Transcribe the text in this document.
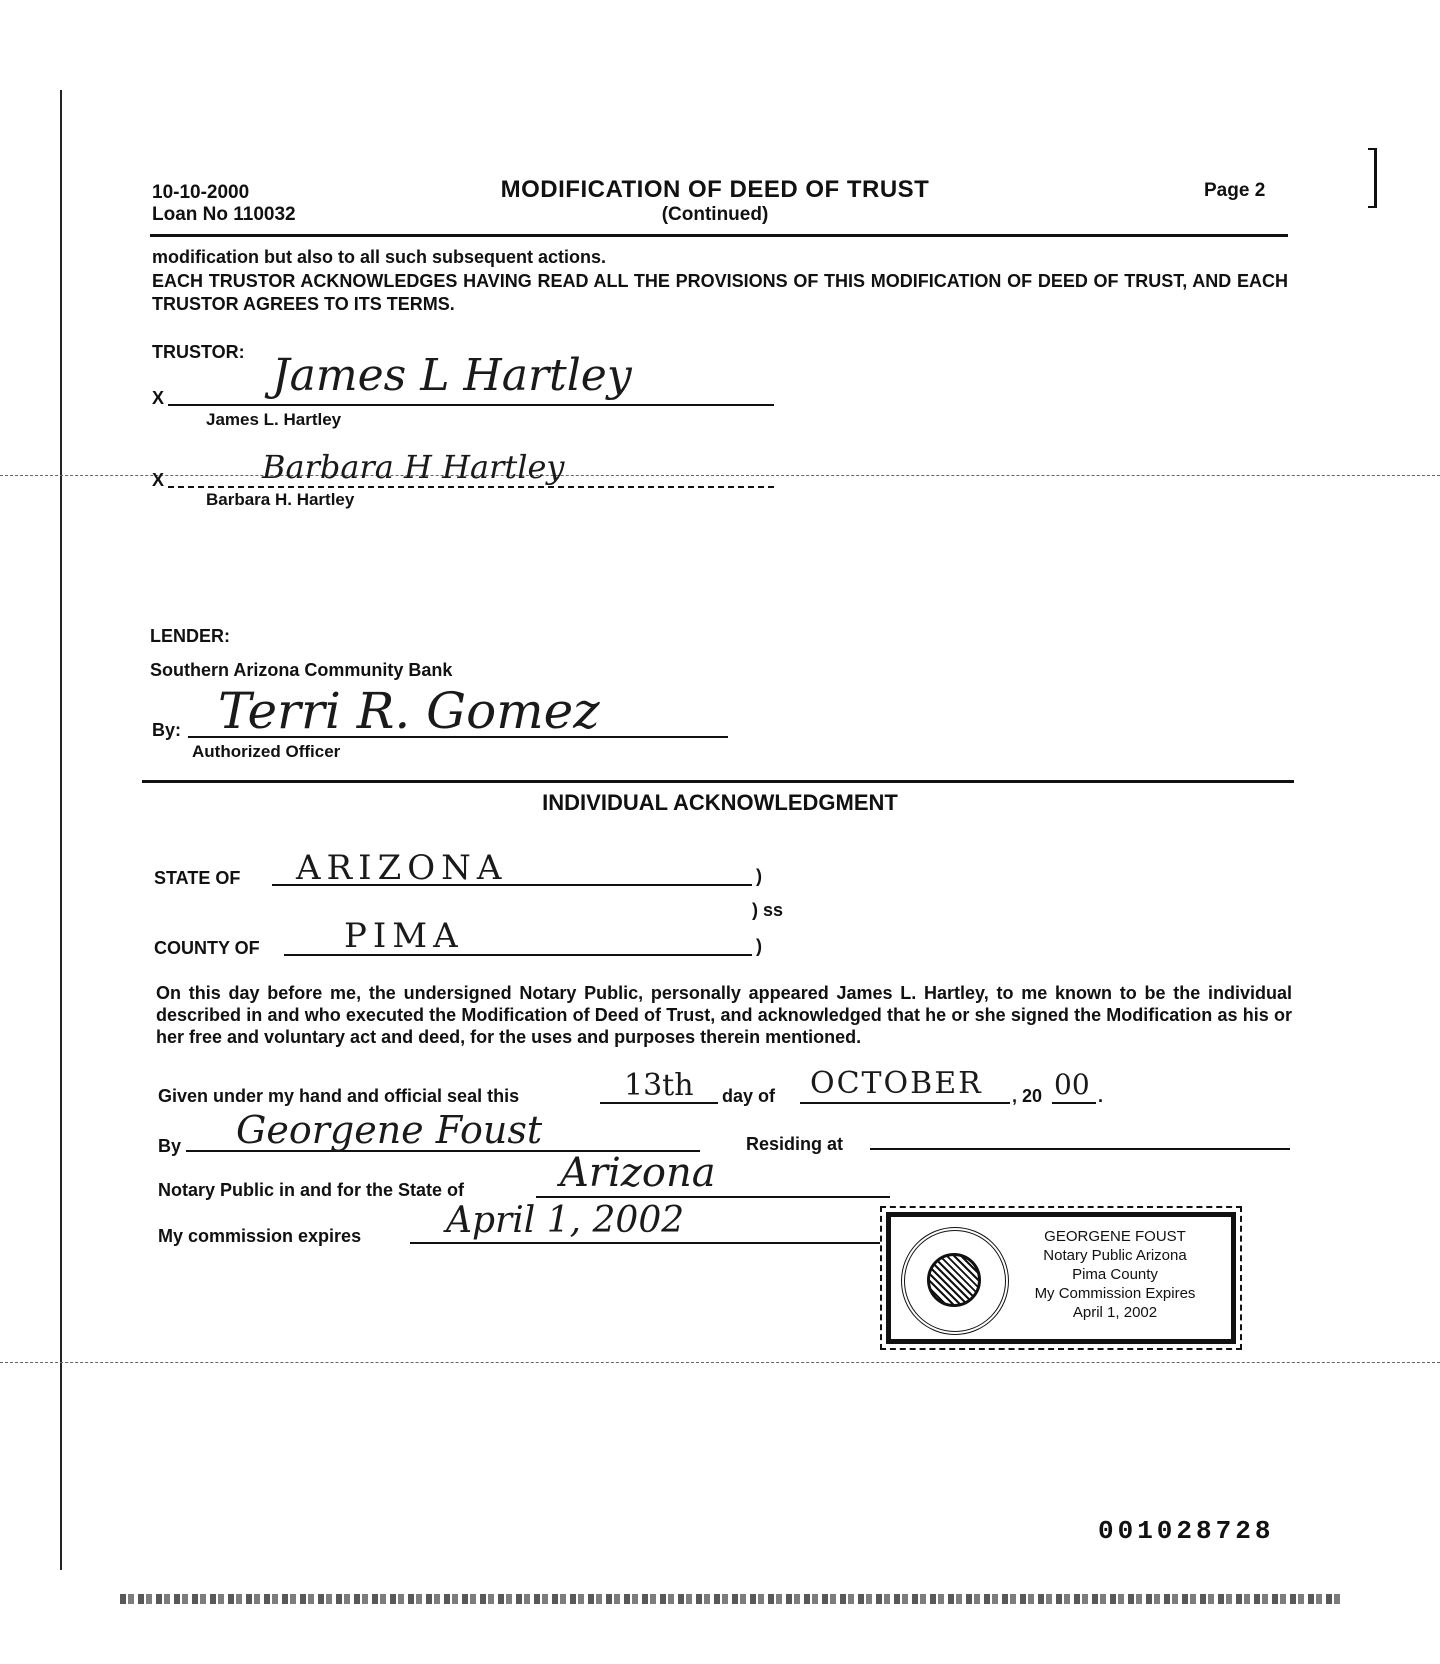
10-10-2000
Loan No 110032
MODIFICATION OF DEED OF TRUST
(Continued)
Page 2
modification but also to all such subsequent actions.
EACH TRUSTOR ACKNOWLEDGES HAVING READ ALL THE PROVISIONS OF THIS MODIFICATION OF DEED OF TRUST, AND EACH TRUSTOR AGREES TO ITS TERMS.
TRUSTOR:
X James L Hartley
James L. Hartley
X	Barbara H Hartley
Barbara H. Hartley
LENDER:
Southern Arizona Community Bank
By: Terri R. Gomez
Authorized Officer
INDIVIDUAL ACKNOWLEDGMENT
STATE OF ARIZONA	)
) ss
COUNTY OF PIMA	)
On this day before me, the undersigned Notary Public, personally appeared James L. Hartley, to me known to be the individual described in and who executed the Modification of Deed of Trust, and acknowledged that he or she signed the Modification as his or her free and voluntary act and deed, for the uses and purposes therein mentioned.
Given under my hand and official seal this	13th day of OCTOBER , 20 00 .
By Georgene Foust	Residing at
Notary Public in and for the State of Arizona
My commission expires April 1, 2002	GEORGENE FOUST
Notary Public Arizona
Pima County
My Commission Expires
April 1, 2002
001028728
